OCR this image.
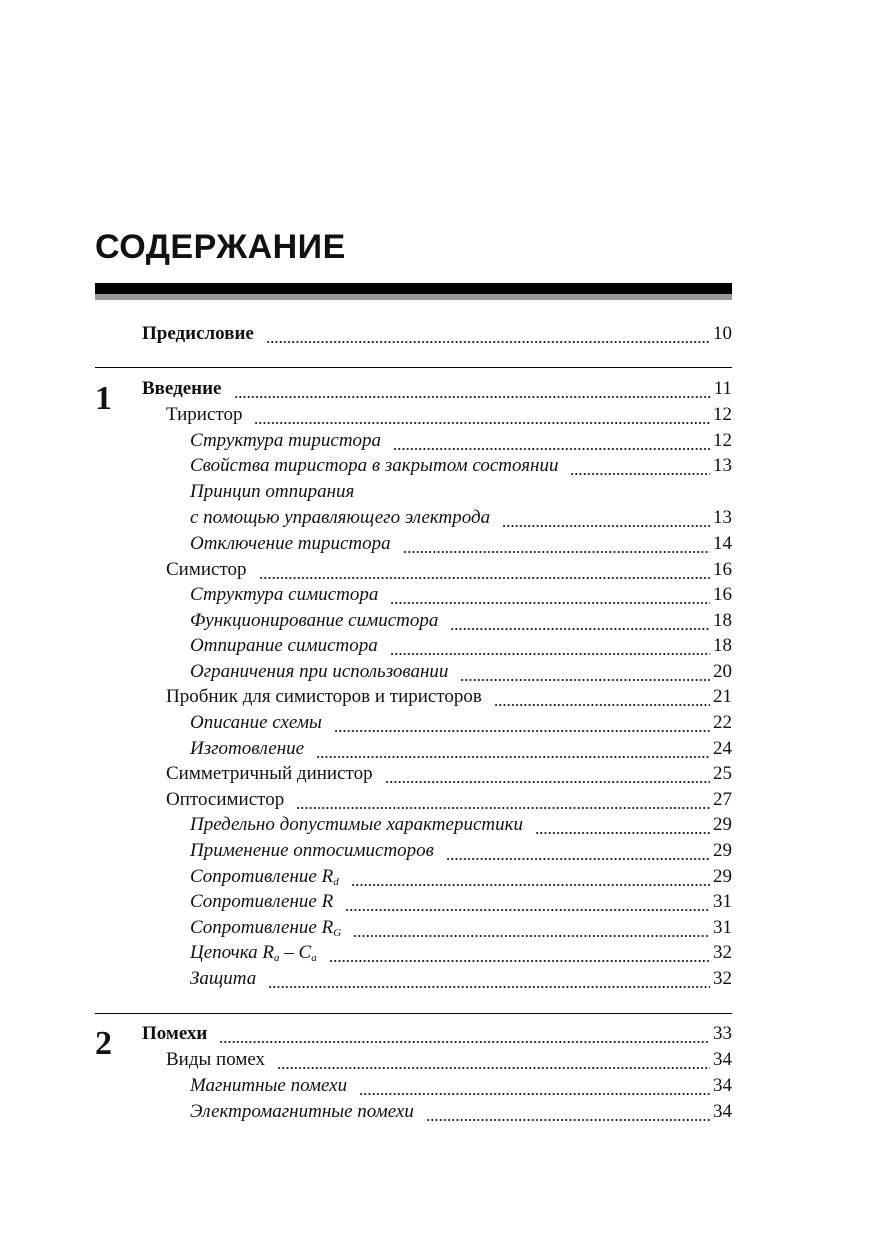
СОДЕРЖАНИЕ
Предисловие	10
1 Введение	11
Тиристор	12
Структура тиристора	12
Свойства тиристора в закрытом состоянии	13
Принцип отпирания
с помощью управляющего электрода	13
Отключение тиристора	14
Симистор	16
Структура симистора	16
Функционирование симистора	18
Отпирание симистора	18
Ограничения при использовании	20
Пробник для симисторов и тиристоров	21
Описание схемы	22
Изготовление	24
Симметричный динистор	25
Оптосимистор	27
Предельно допустимые характеристики	29
Применение оптосимисторов	29
Сопротивление $R_d$	29
Сопротивление R	31
Сопротивление $R_G$	31
Цепочка $R_a - C_a$	32
Защита	32
2 Помехи	33
Виды помех	34
Магнитные помехи	34
Электромагнитные помехи	34
